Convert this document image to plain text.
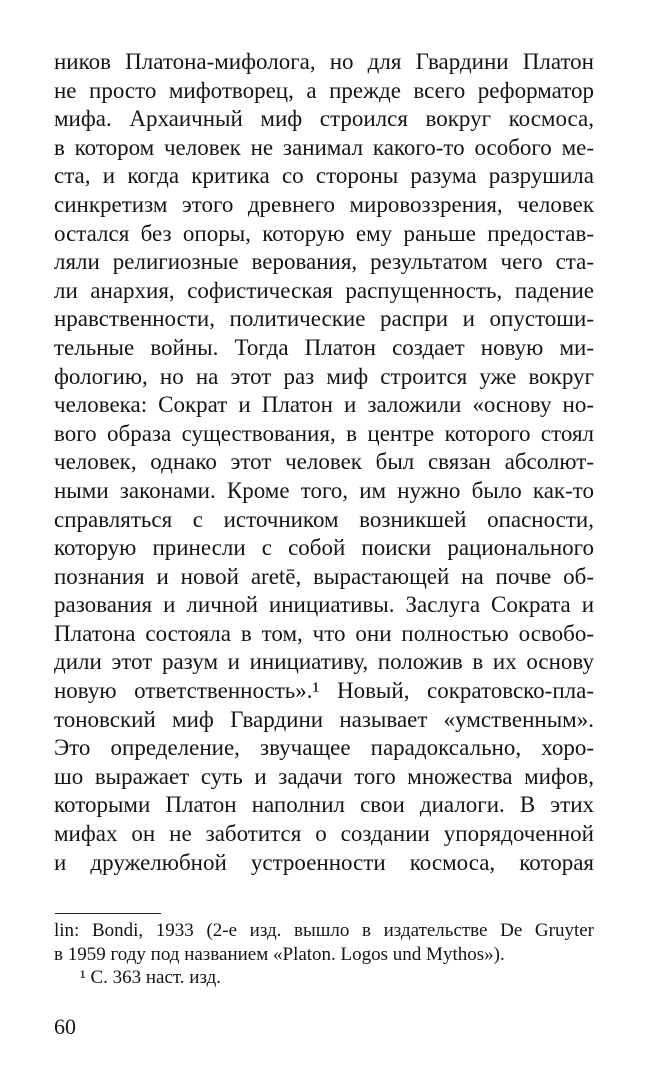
ников Платона-мифолога, но для Гвардини Платон
не просто мифотворец, а прежде всего реформатор
мифа. Архаичный миф строился вокруг космоса,
в котором человек не занимал какого-то особого ме-
ста, и когда критика со стороны разума разрушила
синкретизм этого древнего мировоззрения, человек
остался без опоры, которую ему раньше предостав-
ляли религиозные верования, результатом чего ста-
ли анархия, софистическая распущенность, падение
нравственности, политические распри и опустоши-
тельные войны. Тогда Платон создает новую ми-
фологию, но на этот раз миф строится уже вокруг
человека: Сократ и Платон и заложили «основу но-
вого образа существования, в центре которого стоял
человек, однако этот человек был связан абсолют-
ными законами. Кроме того, им нужно было как-то
справляться с источником возникшей опасности,
которую принесли с собой поиски рационального
познания и новой aretē, вырастающей на почве об-
разования и личной инициативы. Заслуга Сократа и
Платона состояла в том, что они полностью освобо-
дили этот разум и инициативу, положив в их основу
новую ответственность».¹ Новый, сократовско-пла-
тоновский миф Гвардини называет «умственным».
Это определение, звучащее парадоксально, хоро-
шо выражает суть и задачи того множества мифов,
которыми Платон наполнил свои диалоги. В этих
мифах он не заботится о создании упорядоченной
и дружелюбной устроенности космоса, которая
lin: Bondi, 1933 (2-е изд. вышло в издательстве De Gruyter
в 1959 году под названием «Platon. Logos und Mythos»).
¹ С. 363 наст. изд.
60
